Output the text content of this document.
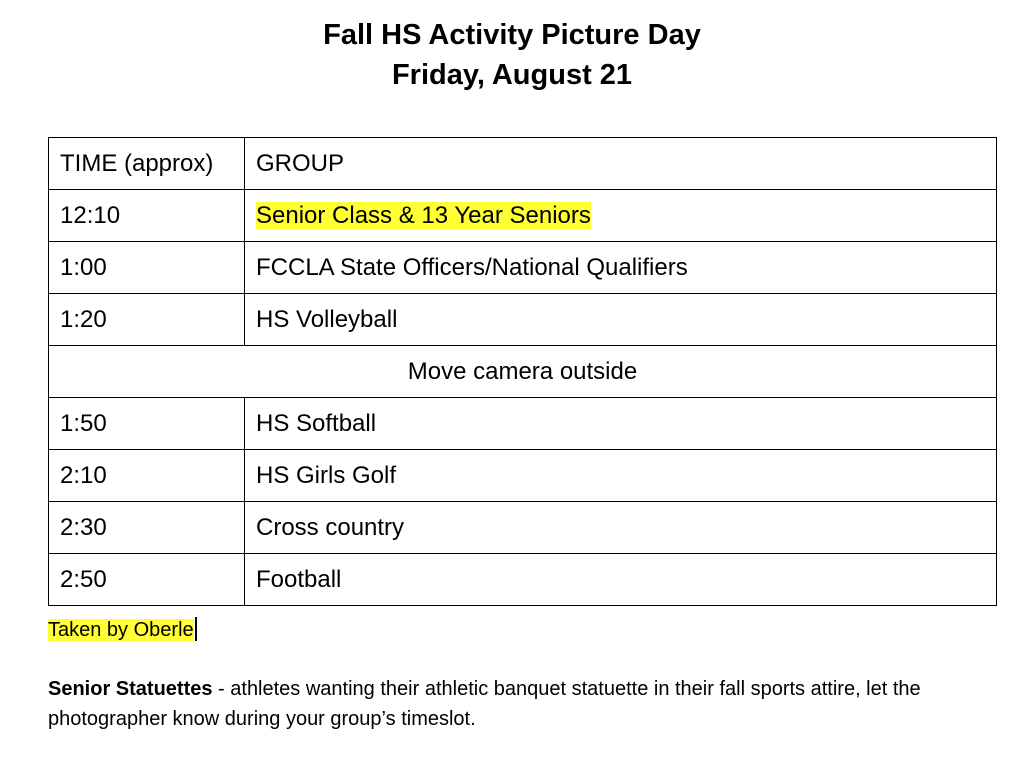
Fall HS Activity Picture Day
Friday, August 21
TIME (approx)	GROUP
12:10	Senior Class & 13 Year Seniors
1:00	FCCLA State Officers/National Qualifiers
1:20	HS Volleyball
Move camera outside	
1:50	HS Softball
2:10	HS Girls Golf
2:30	Cross country
2:50	Football
Taken by Oberle
Senior Statuettes - athletes wanting their athletic banquet statuette in their fall sports attire, let the photographer know during your group’s timeslot.
